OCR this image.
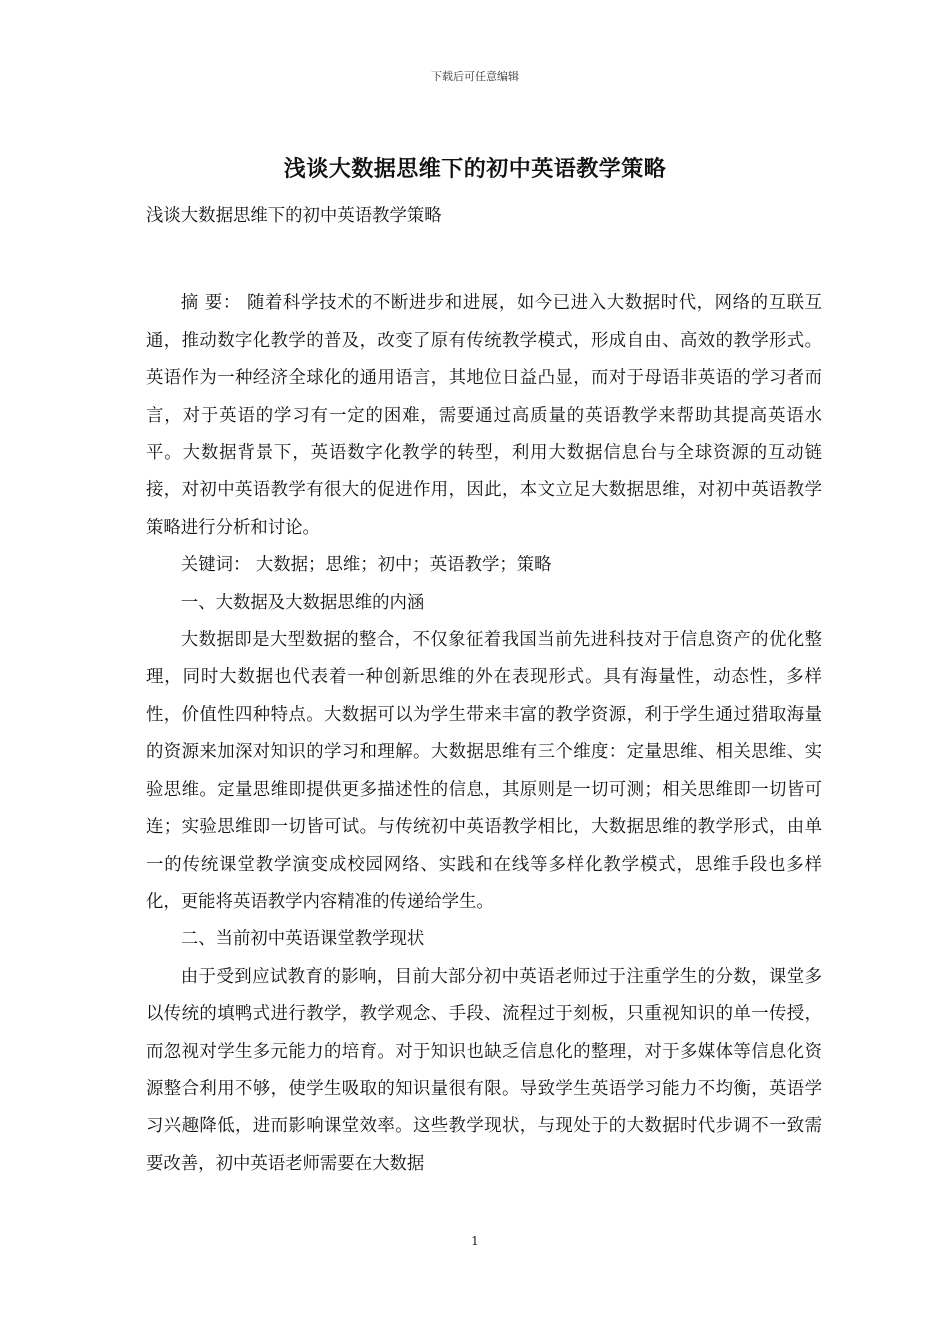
下载后可任意编辑
浅谈大数据思维下的初中英语教学策略

浅谈大数据思维下的初中英语教学策略

摘 要： 随着科学技术的不断进步和进展，如今已进入大数据时代，网络的互联互通，推动数字化教学的普及，改变了原有传统教学模式，形成自由、高效的教学形式。英语作为一种经济全球化的通用语言，其地位日益凸显，而对于母语非英语的学习者而言，对于英语的学习有一定的困难，需要通过高质量的英语教学来帮助其提高英语水平。大数据背景下，英语数字化教学的转型，利用大数据信息台与全球资源的互动链接，对初中英语教学有很大的促进作用，因此，本文立足大数据思维，对初中英语教学策略进行分析和讨论。

关键词： 大数据；思维；初中；英语教学；策略

一、大数据及大数据思维的内涵

大数据即是大型数据的整合，不仅象征着我国当前先进科技对于信息资产的优化整理，同时大数据也代表着一种创新思维的外在表现形式。具有海量性，动态性，多样性，价值性四种特点。大数据可以为学生带来丰富的教学资源，利于学生通过猎取海量的资源来加深对知识的学习和理解。大数据思维有三个维度：定量思维、相关思维、实验思维。定量思维即提供更多描述性的信息，其原则是一切可测；相关思维即一切皆可连；实验思维即一切皆可试。与传统初中英语教学相比，大数据思维的教学形式，由单一的传统课堂教学演变成校园网络、实践和在线等多样化教学模式，思维手段也多样化，更能将英语教学内容精准的传递给学生。

二、当前初中英语课堂教学现状

由于受到应试教育的影响，目前大部分初中英语老师过于注重学生的分数，课堂多以传统的填鸭式进行教学，教学观念、手段、流程过于刻板，只重视知识的单一传授，而忽视对学生多元能力的培育。对于知识也缺乏信息化的整理，对于多媒体等信息化资源整合利用不够，使学生吸取的知识量很有限。导致学生英语学习能力不均衡，英语学习兴趣降低，进而影响课堂效率。这些教学现状，与现处于的大数据时代步调不一致需要改善，初中英语老师需要在大数据

1
